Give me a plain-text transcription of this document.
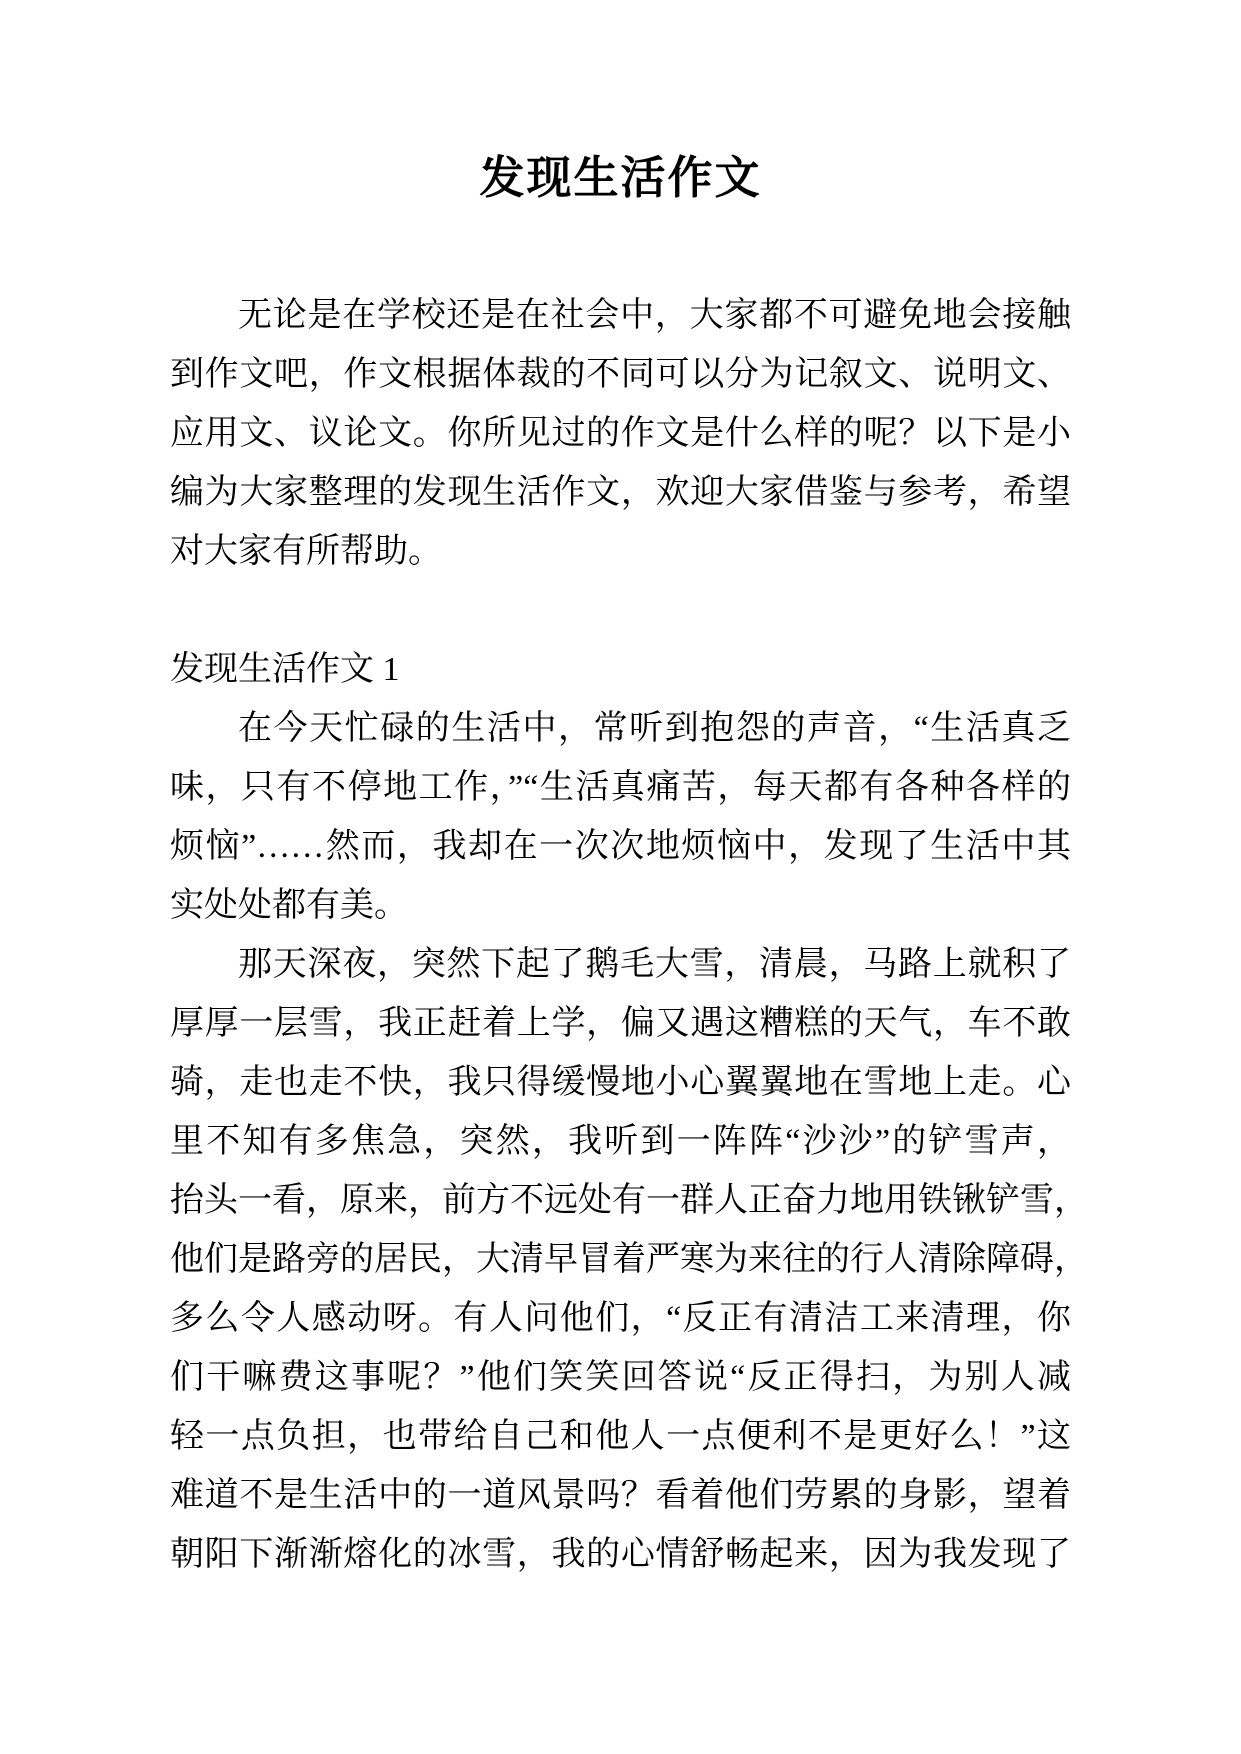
发现生活作文
无论是在学校还是在社会中，大家都不可避免地会接触
到作文吧，作文根据体裁的不同可以分为记叙文、说明文、
应用文、议论文。你所见过的作文是什么样的呢？以下是小
编为大家整理的发现生活作文，欢迎大家借鉴与参考，希望
对大家有所帮助。
发现生活作文 1
在今天忙碌的生活中，常听到抱怨的声音，“生活真乏
味，只有不停地工作，”“生活真痛苦，每天都有各种各样的
烦恼”……然而，我却在一次次地烦恼中，发现了生活中其
实处处都有美。
那天深夜，突然下起了鹅毛大雪，清晨，马路上就积了
厚厚一层雪，我正赶着上学，偏又遇这糟糕的天气，车不敢
骑，走也走不快，我只得缓慢地小心翼翼地在雪地上走。心
里不知有多焦急，突然，我听到一阵阵“沙沙”的铲雪声，
抬头一看，原来，前方不远处有一群人正奋力地用铁锹铲雪，
他们是路旁的居民，大清早冒着严寒为来往的行人清除障碍，
多么令人感动呀。有人问他们，“反正有清洁工来清理，你
们干嘛费这事呢？”他们笑笑回答说“反正得扫，为别人减
轻一点负担，也带给自己和他人一点便利不是更好么！”这
难道不是生活中的一道风景吗？看着他们劳累的身影，望着
朝阳下渐渐熔化的冰雪，我的心情舒畅起来，因为我发现了
